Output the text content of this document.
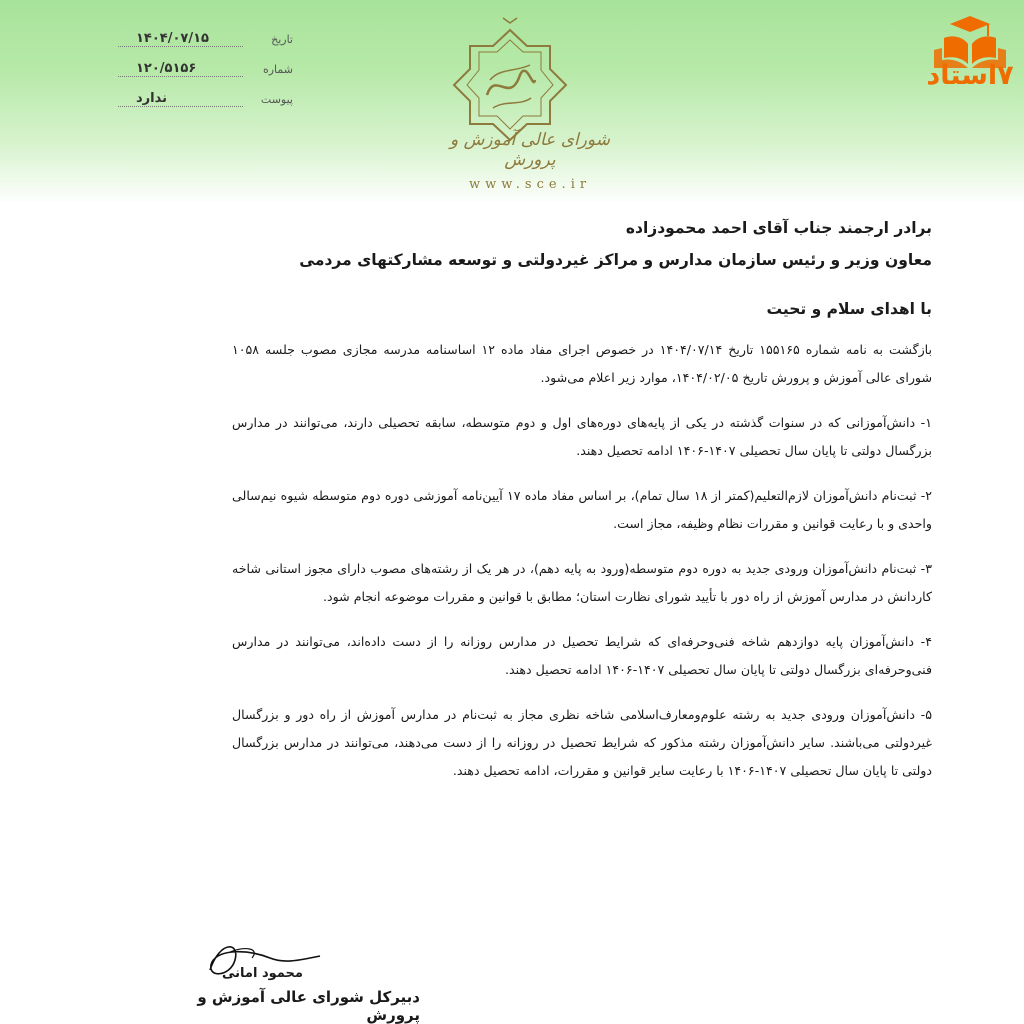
تاریخ
۱۴۰۴/۰۷/۱۵
شماره
۱۲۰/۵۱۵۶
پیوست
ندارد
شورای عالی آموزش و پرورش
www.sce.ir
۷استاد
برادر ارجمند جناب آقای احمد محمودزاده
معاون وزیر و رئیس سازمان مدارس و مراکز غیردولتی و توسعه مشارکتهای مردمی
با اهدای سلام و تحیت

بازگشت به نامه شماره ۱۵۵۱۶۵ تاریخ ۱۴۰۴/۰۷/۱۴ در خصوص اجرای مفاد ماده ۱۲ اساسنامه مدرسه مجازی مصوب جلسه ۱۰۵۸ شورای عالی آموزش و پرورش تاریخ ۱۴۰۴/۰۲/۰۵، موارد زیر اعلام می‌شود.

۱- دانش‌آموزانی که در سنوات گذشته در یکی از پایه‌های دوره‌های اول و دوم متوسطه، سابقه تحصیلی دارند، می‌توانند در مدارس بزرگسال دولتی تا پایان سال تحصیلی ۱۴۰۷-۱۴۰۶ ادامه تحصیل دهند.

۲- ثبت‌نام دانش‌آموزان لازم‌التعلیم(کمتر از ۱۸ سال تمام)، بر اساس مفاد ماده ۱۷ آیین‌نامه آموزشی دوره دوم متوسطه شیوه نیم‌سالی واحدی و با رعایت قوانین و مقررات نظام وظیفه، مجاز است.

۳- ثبت‌نام دانش‌آموزان ورودی جدید به دوره دوم متوسطه(ورود به پایه دهم)، در هر یک از رشته‌های مصوب دارای مجوز استانی شاخه کاردانش در مدارس آموزش از راه دور با تأیید شورای نظارت استان؛ مطابق با قوانین و مقررات موضوعه انجام شود.

۴- دانش‌آموزان پایه دوازدهم شاخه فنی‌وحرفه‌ای که شرایط تحصیل در مدارس روزانه را از دست داده‌اند، می‌توانند در مدارس فنی‌وحرفه‌ای بزرگسال دولتی تا پایان سال تحصیلی ۱۴۰۷-۱۴۰۶ ادامه تحصیل دهند.

۵- دانش‌آموزان ورودی جدید به رشته علوم‌ومعارف‌اسلامی شاخه نظری مجاز به ثبت‌نام در مدارس آموزش از راه دور و بزرگسال غیردولتی می‌باشند. سایر دانش‌آموزان رشته مذکور که شرایط تحصیل در روزانه را از دست می‌دهند، می‌توانند در مدارس بزرگسال دولتی تا پایان سال تحصیلی ۱۴۰۷-۱۴۰۶ با رعایت سایر قوانین و مقررات، ادامه تحصیل دهند.

محمود امانی
دبیرکل شورای عالی آموزش و پرورش
